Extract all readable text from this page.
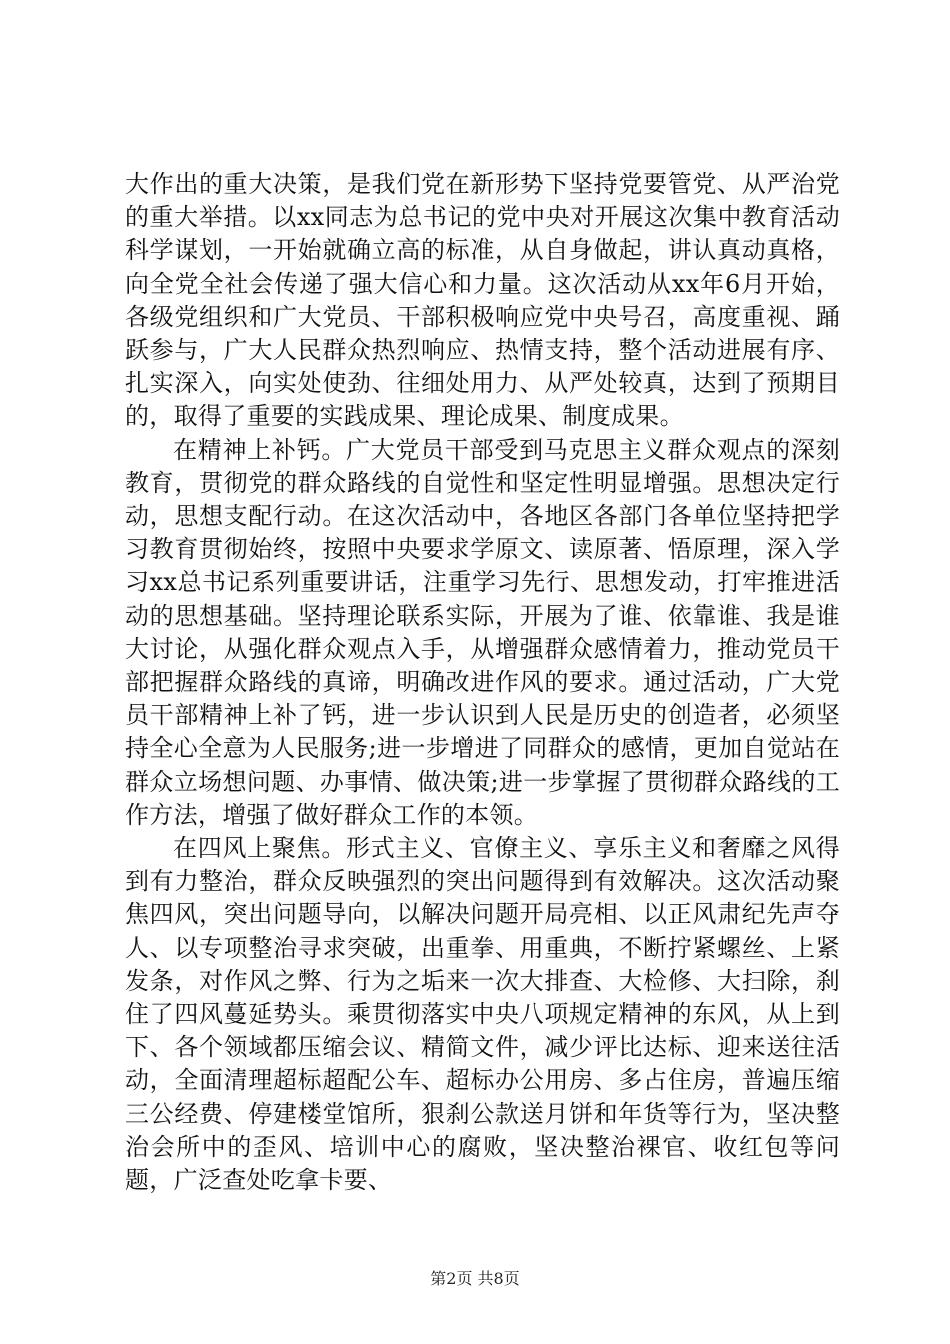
大作出的重大决策，是我们党在新形势下坚持党要管党、从严治党的重大举措。以xx同志为总书记的党中央对开展这次集中教育活动科学谋划，一开始就确立高的标准，从自身做起，讲认真动真格，向全党全社会传递了强大信心和力量。这次活动从xx年6月开始，各级党组织和广大党员、干部积极响应党中央号召，高度重视、踊跃参与，广大人民群众热烈响应、热情支持，整个活动进展有序、扎实深入，向实处使劲、往细处用力、从严处较真，达到了预期目的，取得了重要的实践成果、理论成果、制度成果。

在精神上补钙。广大党员干部受到马克思主义群众观点的深刻教育，贯彻党的群众路线的自觉性和坚定性明显增强。思想决定行动，思想支配行动。在这次活动中，各地区各部门各单位坚持把学习教育贯彻始终，按照中央要求学原文、读原著、悟原理，深入学习xx总书记系列重要讲话，注重学习先行、思想发动，打牢推进活动的思想基础。坚持理论联系实际，开展为了谁、依靠谁、我是谁大讨论，从强化群众观点入手，从增强群众感情着力，推动党员干部把握群众路线的真谛，明确改进作风的要求。通过活动，广大党员干部精神上补了钙，进一步认识到人民是历史的创造者，必须坚持全心全意为人民服务;进一步增进了同群众的感情，更加自觉站在群众立场想问题、办事情、做决策;进一步掌握了贯彻群众路线的工作方法，增强了做好群众工作的本领。

在四风上聚焦。形式主义、官僚主义、享乐主义和奢靡之风得到有力整治，群众反映强烈的突出问题得到有效解决。这次活动聚焦四风，突出问题导向，以解决问题开局亮相、以正风肃纪先声夺人、以专项整治寻求突破，出重拳、用重典，不断拧紧螺丝、上紧发条，对作风之弊、行为之垢来一次大排查、大检修、大扫除，刹住了四风蔓延势头。乘贯彻落实中央八项规定精神的东风，从上到下、各个领域都压缩会议、精简文件，减少评比达标、迎来送往活动，全面清理超标超配公车、超标办公用房、多占住房，普遍压缩三公经费、停建楼堂馆所，狠刹公款送月饼和年货等行为，坚决整治会所中的歪风、培训中心的腐败，坚决整治裸官、收红包等问题，广泛查处吃拿卡要、

第2页 共8页
